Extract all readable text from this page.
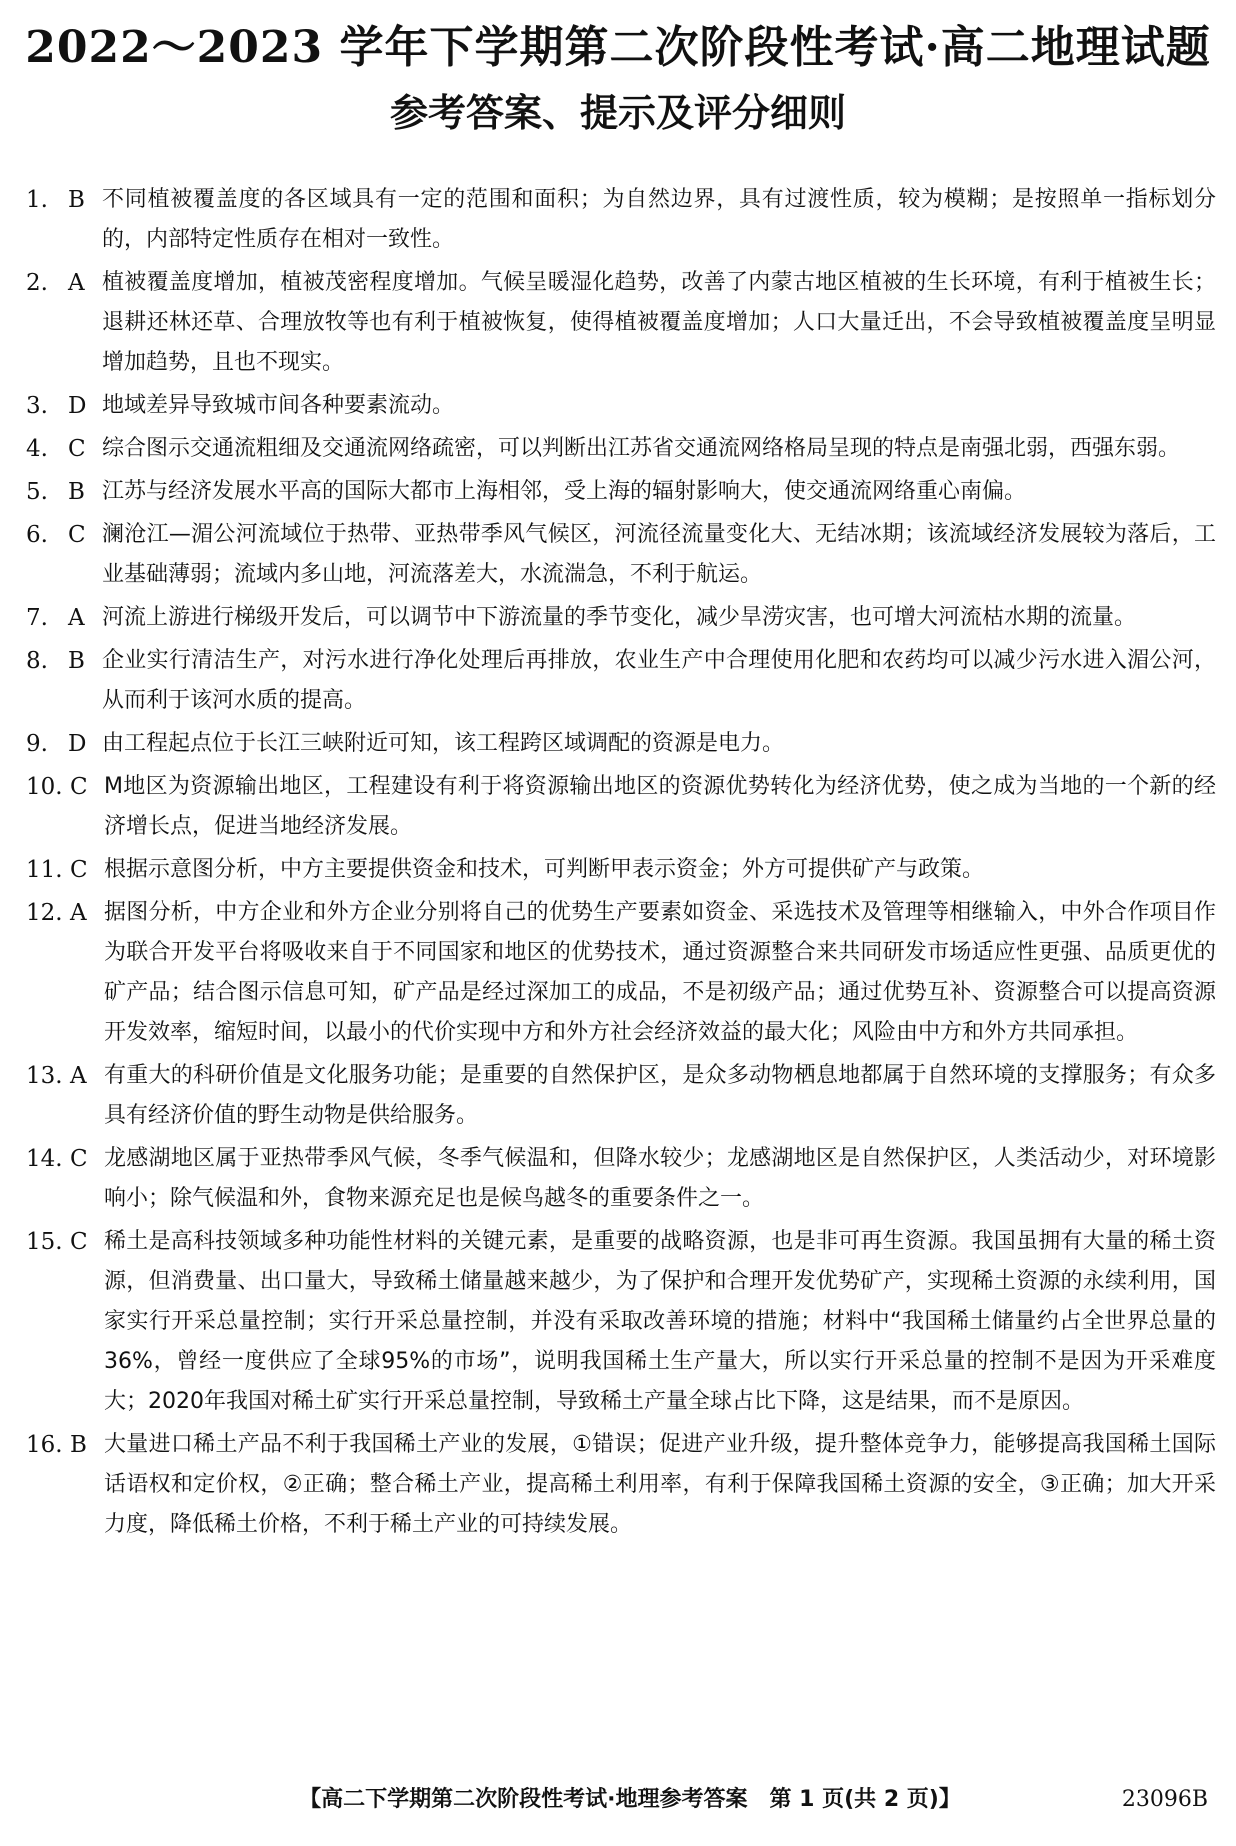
2022～2023 学年下学期第二次阶段性考试·高二地理试题
参考答案、提示及评分细则
1. B 不同植被覆盖度的各区域具有一定的范围和面积；为自然边界，具有过渡性质，较为模糊；是按照单一指标划分的，内部特定性质存在相对一致性。
2. A 植被覆盖度增加，植被茂密程度增加。气候呈暖湿化趋势，改善了内蒙古地区植被的生长环境，有利于植被生长；退耕还林还草、合理放牧等也有利于植被恢复，使得植被覆盖度增加；人口大量迁出，不会导致植被覆盖度呈明显增加趋势，且也不现实。
3. D 地域差异导致城市间各种要素流动。
4. C 综合图示交通流粗细及交通流网络疏密，可以判断出江苏省交通流网络格局呈现的特点是南强北弱，西强东弱。
5. B 江苏与经济发展水平高的国际大都市上海相邻，受上海的辐射影响大，使交通流网络重心南偏。
6. C 澜沧江—湄公河流域位于热带、亚热带季风气候区，河流径流量变化大、无结冰期；该流域经济发展较为落后，工业基础薄弱；流域内多山地，河流落差大，水流湍急，不利于航运。
7. A 河流上游进行梯级开发后，可以调节中下游流量的季节变化，减少旱涝灾害，也可增大河流枯水期的流量。
8. B 企业实行清洁生产，对污水进行净化处理后再排放，农业生产中合理使用化肥和农药均可以减少污水进入湄公河，从而利于该河水质的提高。
9. D 由工程起点位于长江三峡附近可知，该工程跨区域调配的资源是电力。
10. C M地区为资源输出地区，工程建设有利于将资源输出地区的资源优势转化为经济优势，使之成为当地的一个新的经济增长点，促进当地经济发展。
11. C 根据示意图分析，中方主要提供资金和技术，可判断甲表示资金；外方可提供矿产与政策。
12. A 据图分析，中方企业和外方企业分别将自己的优势生产要素如资金、采选技术及管理等相继输入，中外合作项目作为联合开发平台将吸收来自于不同国家和地区的优势技术，通过资源整合来共同研发市场适应性更强、品质更优的矿产品；结合图示信息可知，矿产品是经过深加工的成品，不是初级产品；通过优势互补、资源整合可以提高资源开发效率，缩短时间，以最小的代价实现中方和外方社会经济效益的最大化；风险由中方和外方共同承担。
13. A 有重大的科研价值是文化服务功能；是重要的自然保护区，是众多动物栖息地都属于自然环境的支撑服务；有众多具有经济价值的野生动物是供给服务。
14. C 龙感湖地区属于亚热带季风气候，冬季气候温和，但降水较少；龙感湖地区是自然保护区，人类活动少，对环境影响小；除气候温和外，食物来源充足也是候鸟越冬的重要条件之一。
15. C 稀土是高科技领域多种功能性材料的关键元素，是重要的战略资源，也是非可再生资源。我国虽拥有大量的稀土资源，但消费量、出口量大，导致稀土储量越来越少，为了保护和合理开发优势矿产，实现稀土资源的永续利用，国家实行开采总量控制；实行开采总量控制，并没有采取改善环境的措施；材料中“我国稀土储量约占全世界总量的36%，曾经一度供应了全球95%的市场”，说明我国稀土生产量大，所以实行开采总量的控制不是因为开采难度大；2020年我国对稀土矿实行开采总量控制，导致稀土产量全球占比下降，这是结果，而不是原因。
16. B 大量进口稀土产品不利于我国稀土产业的发展，①错误；促进产业升级，提升整体竞争力，能够提高我国稀土国际话语权和定价权，②正确；整合稀土产业，提高稀土利用率，有利于保障我国稀土资源的安全，③正确；加大开采力度，降低稀土价格，不利于稀土产业的可持续发展。
【高二下学期第二次阶段性考试·地理参考答案　第 1 页(共 2 页)】	23096B
